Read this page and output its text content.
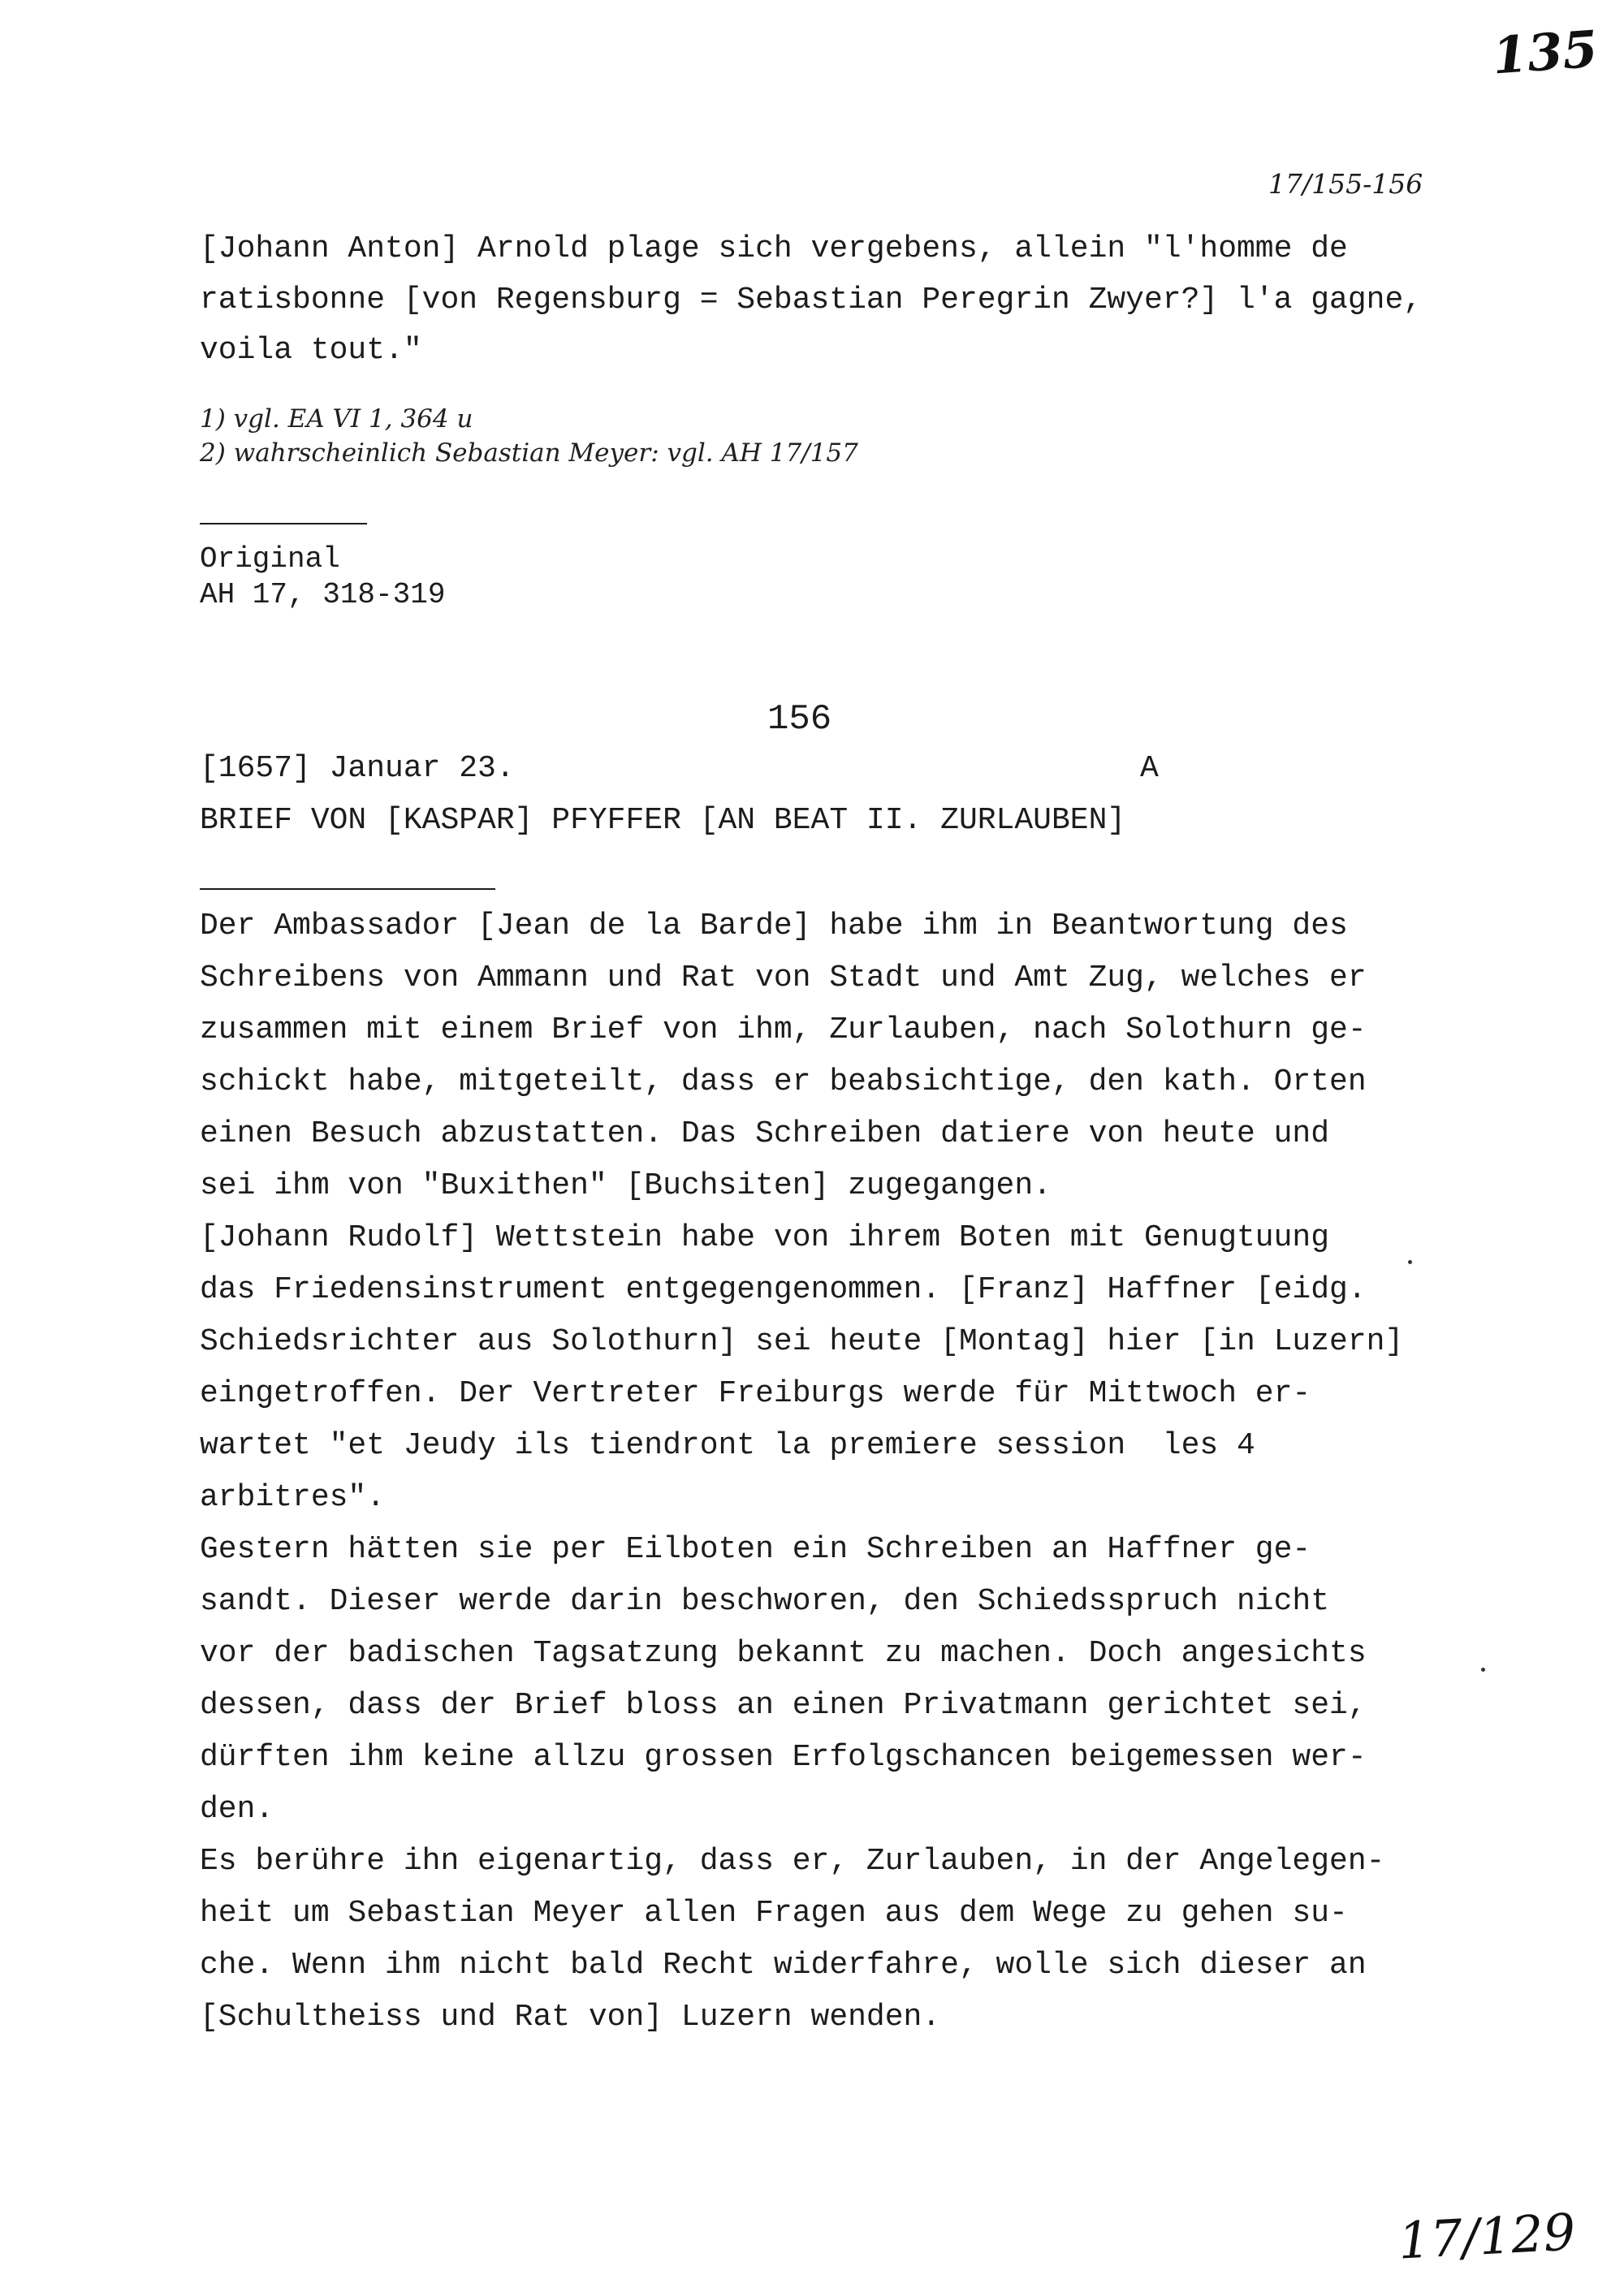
135
17/155-156
[Johann Anton] Arnold plage sich vergebens, allein "l'homme de
ratisbonne [von Regensburg = Sebastian Peregrin Zwyer?] l'a gagne,
voila tout."
1) vgl. EA VI 1, 364 u
2) wahrscheinlich Sebastian Meyer: vgl. AH 17/157
Original
AH 17, 318-319
156
[1657] Januar 23.	A
BRIEF VON [KASPAR] PFYFFER [AN BEAT II. ZURLAUBEN]
Der Ambassador [Jean de la Barde] habe ihm in Beantwortung des
Schreibens von Ammann und Rat von Stadt und Amt Zug, welches er
zusammen mit einem Brief von ihm, Zurlauben, nach Solothurn ge-
schickt habe, mitgeteilt, dass er beabsichtige, den kath. Orten
einen Besuch abzustatten. Das Schreiben datiere von heute und
sei ihm von "Buxithen" [Buchsiten] zugegangen.
[Johann Rudolf] Wettstein habe von ihrem Boten mit Genugtuung
das Friedensinstrument entgegengenommen. [Franz] Haffner [eidg.
Schiedsrichter aus Solothurn] sei heute [Montag] hier [in Luzern]
eingetroffen. Der Vertreter Freiburgs werde für Mittwoch er-
wartet "et Jeudy ils tiendront la premiere session  les 4
arbitres".
Gestern hätten sie per Eilboten ein Schreiben an Haffner ge-
sandt. Dieser werde darin beschworen, den Schiedsspruch nicht
vor der badischen Tagsatzung bekannt zu machen. Doch angesichts
dessen, dass der Brief bloss an einen Privatmann gerichtet sei,
dürften ihm keine allzu grossen Erfolgschancen beigemessen wer-
den.
Es berühre ihn eigenartig, dass er, Zurlauben, in der Angelegen-
heit um Sebastian Meyer allen Fragen aus dem Wege zu gehen su-
che. Wenn ihm nicht bald Recht widerfahre, wolle sich dieser an
[Schultheiss und Rat von] Luzern wenden.
17/129
